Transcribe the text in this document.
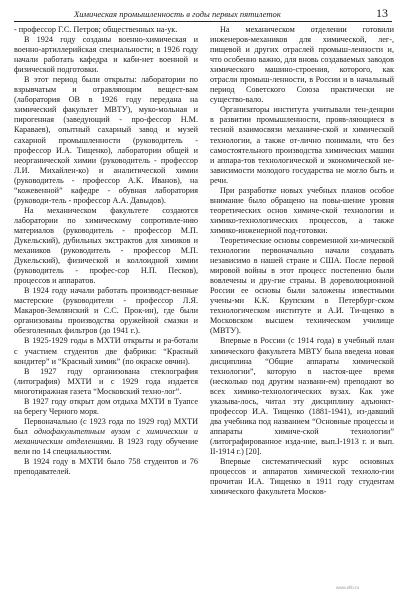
Химическая промышленность в годы первых пятилеток	13

- профессор Г.С. Петров; общественных на-ук.

В 1924 году созданы военно-химическая и военно-артиллерийская специальности; в 1926 году начали работать кафедра и каби-нет военной и физической подготовки.

В этот период были открыты: лаборатории по взрывчатым и отравляющим вещест-вам (лаборатория ОВ в 1926 году передана на химический факультет МВТУ), муко-мольная и пирогенная (заведующий - про-фессор Н.М. Караваев), опытный сахарный завод и музей сахарной промышленности (руководитель - профессор И.А. Тищенко), лаборатории общей и неорганической химии (руководитель - профессор Л.И. Михайлен-ко) и аналитической химии (руководитель - профессор А.К. Иванов), на “кожевенной” кафедре - обувная лаборатория (руководи-тель - профессор А.А. Давыдов).

На механическом факультете создаются лаборатории по химическому сопротивле-нию материалов (руководитель - профессор М.П. Дукельский), дубильных экстрактов для химиков и механиков (руководитель - профессор М.П. Дукельский), физической и коллоидной химии (руководитель - профес-сор Н.П. Песков), процессов и аппаратов.

В 1924 году начали работать производст-венные мастерские (руководители - профессор Л.Я. Макаров-Землянский и С.С. Прок-ин), где были организованы производства оружейной смазки и обезголенных фильтров (до 1941 г.).

В 1925-1929 годы в МХТИ открыты и ра-ботали с участием студентов две фабрики: “Красный кондитер” и “Красный химик” (по окраске овчин).

В 1927 году организована стеклография (литография) МХТИ и с 1929 года издается многотиражная газета “Московский техно-лог”.

В 1927 году открыт дом отдыха МХТИ в Туапсе на берегу Черного моря.

Первоначально (с 1923 года по 1929 год) МХТИ был однофакультетным вузом с химическим и механическим отделениями. В 1923 году обучение вели по 14 специальностям.

В 1924 году в МХТИ было 758 студентов и 76 преподавателей.

На механическом отделении готовили инженеров-механиков для химической, лег-, пищевой и других отраслей промыш-ленности и, что особенно важно, для вновь создаваемых заводов химического машино-строения, которого, как отрасли промыш-ленности, в России и в начальный период Советского Союза практически не существо-вало.

Организаторы института учитывали тен-денции в развитии промышленности, прояв-ляющиеся в тесной взаимосвязи механиче-ской и химической технологии, а также от-лично понимали, что без самостоятельного производства химических машин и аппара-тов технологической и экономической не-зависимости молодого государства не могло быть и речи.

При разработке новых учебных планов особое внимание было обращено на повы-шение уровня теоретических основ химиче-ской технологии и химико-технологических процессов, а также химико-инженерной под-готовки.

Теоретические основы современной хи-мической технологии первоначально начали создавать независимо в нашей стране и США. После первой мировой войны в этот процесс постепенно были вовлечены и дру-гие страны. В дореволюционной России ее основы были заложены известными учены-ми К.К. Крупским в Петербург-ском технологическом институте и А.И. Ти-щенко в Московском высшем техническом училище (МВТУ).

Впервые в России (с 1914 года) в учебный план химического факультета МВТУ была введена новая дисциплина “Общие аппараты химической технологии”, которую в настоя-щее время (несколько под другим названи-ем) преподают во всех химико-технологических вузах. Как уже указыва-лось, читал эту дисциплину адъюнкт-профессор И.А. Тищенко (1881-1941), из-давший два учебника под названием “Основные процессы и аппараты химиче-ской технологии” (литографированное изда-ние, вып.I-1913 г. и вып. II-1914 г.) [20].

Впервые систематический курс основных процессов и аппаратов химической техноло-гии прочитан И.А. Тищенко в 1911 году студентам химического факультета Москов-

www.elib.ru
